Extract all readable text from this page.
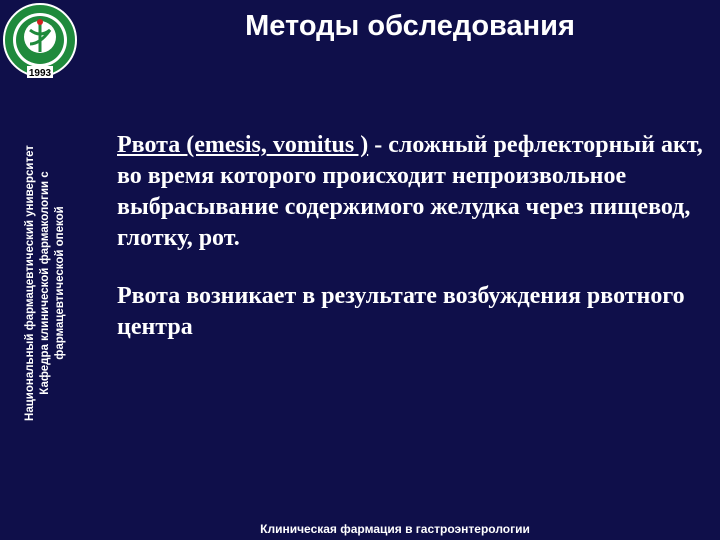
1993
Методы обследования
Национальный фармацевтический университет Кафедра клинической фармакологии с фармацевтической опекой

Рвота (emesis, vomitus ) - сложный рефлекторный акт, во время которого происходит непроизвольное выбрасывание содержимого желудка через пищевод, глотку, рот.

Рвота возникает в результате возбуждения рвотного центра

Клиническая фармация в гастроэнтерологии
